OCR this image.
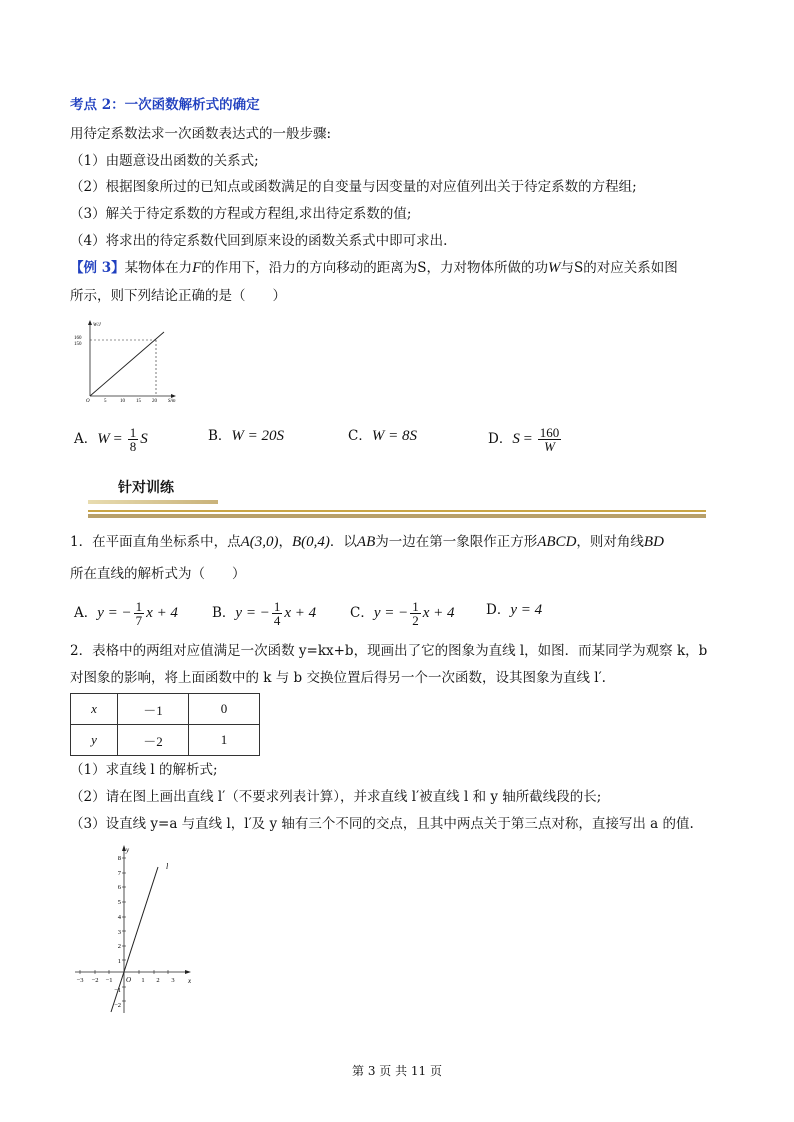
考点 2：一次函数解析式的确定
用待定系数法求一次函数表达式的一般步骤:
（1）由题意设出函数的关系式;
（2）根据图象所过的已知点或函数满足的自变量与因变量的对应值列出关于待定系数的方程组;
（3）解关于待定系数的方程或方程组,求出待定系数的值;
（4）将求出的待定系数代回到原来设的函数关系式中即可求出.
【例 3】某物体在力F的作用下，沿力的方向移动的距离为S，力对物体所做的功W与S的对应关系如图
所示，则下列结论正确的是（　　）
W/J
160
150
O	5	10 15 20 S/m
A．$W = \frac{1}{8}$ S	B．W = 20S	C．W = 8S	D．$S = \frac{160}{W}$
针对训练
1．在平面直角坐标系中，点A(3,0)，B(0,4)．以AB为一边在第一象限作正方形ABCD，则对角线BD
所在直线的解析式为（　　）
A．y = − $\frac{1}{7}$ x + 4	B．y = − $\frac{1}{4}$ x + 4	C．y = − $\frac{1}{2}$ x + 4 D．y = 4
2．表格中的两组对应值满足一次函数 y=kx+b，现画出了它的图象为直线 l，如图．而某同学为观察 k，b
对图象的影响，将上面函数中的 k 与 b 交换位置后得另一个一次函数，设其图象为直线 l′.
x	－1	0
y	－2	1
（1）求直线 l 的解析式;
（2）请在图上画出直线 l′（不要求列表计算），并求直线 l′被直线 l 和 y 轴所截线段的长;
（3）设直线 y=a 与直线 l，l′及 y 轴有三个不同的交点，且其中两点关于第三点对称，直接写出 a 的值.
l
y
x
O
8
7
6
5
4
3
2
1
−1
−2
−3 −2 −1	1 2 3
第 3 页 共 11 页
